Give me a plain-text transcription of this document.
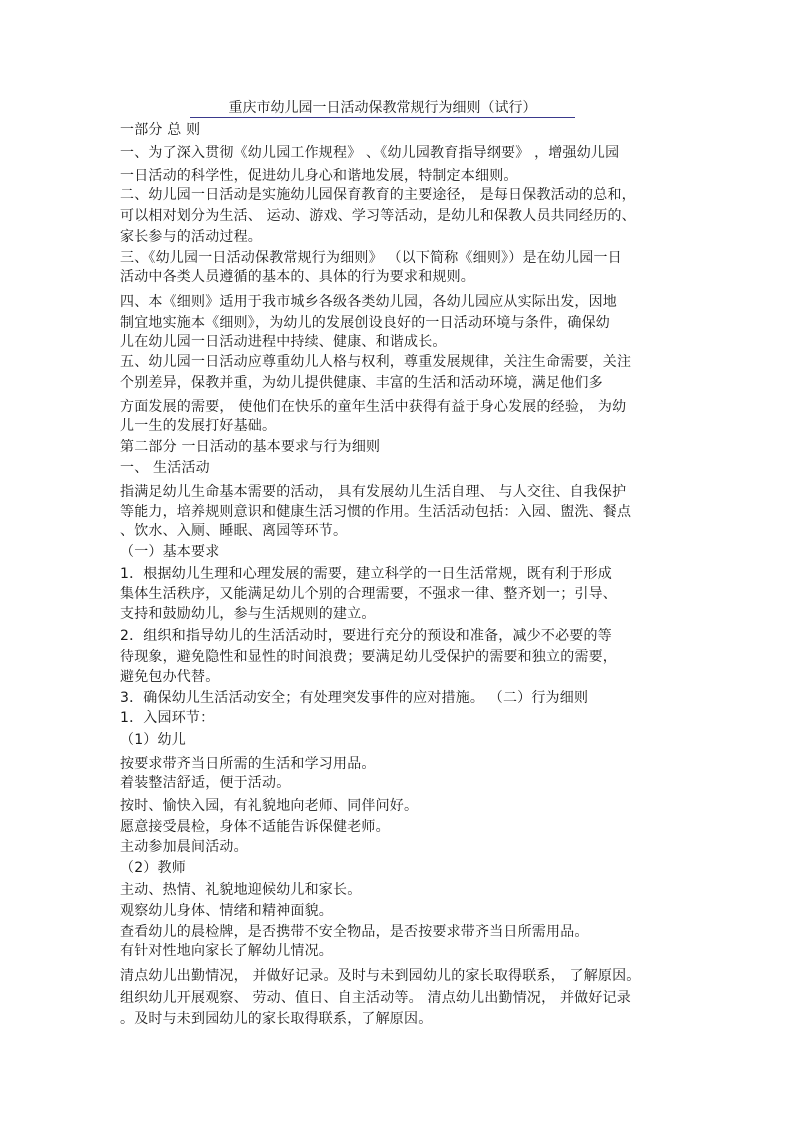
重庆市幼儿园一日活动保教常规行为细则（试行）
一部分 总 则
一、为了深入贯彻《幼儿园工作规程》 、《幼儿园教育指导纲要》 ，增强幼儿园
一日活动的科学性，促进幼儿身心和谐地发展，特制定本细则。
二、幼儿园一日活动是实施幼儿园保育教育的主要途径， 是每日保教活动的总和，
可以相对划分为生活、 运动、游戏、学习等活动，是幼儿和保教人员共同经历的、
家长参与的活动过程。
三、《幼儿园一日活动保教常规行为细则》 （以下简称《细则》）是在幼儿园一日
活动中各类人员遵循的基本的、具体的行为要求和规则。
四、本《细则》适用于我市城乡各级各类幼儿园，各幼儿园应从实际出发，因地
制宜地实施本《细则》，为幼儿的发展创设良好的一日活动环境与条件，确保幼
儿在幼儿园一日活动进程中持续、健康、和谐成长。
五、幼儿园一日活动应尊重幼儿人格与权利，尊重发展规律，关注生命需要，关注
个别差异，保教并重，为幼儿提供健康、丰富的生活和活动环境，满足他们多
方面发展的需要， 使他们在快乐的童年生活中获得有益于身心发展的经验， 为幼
儿一生的发展打好基础。
第二部分 一日活动的基本要求与行为细则
一、 生活活动
指满足幼儿生命基本需要的活动， 具有发展幼儿生活自理、 与人交往、自我保护
等能力，培养规则意识和健康生活习惯的作用。生活活动包括：入园、盥洗、餐点
、饮水、入厕、睡眠、离园等环节。
（一）基本要求
1．根据幼儿生理和心理发展的需要，建立科学的一日生活常规，既有利于形成
集体生活秩序，又能满足幼儿个别的合理需要，不强求一律、整齐划一；引导、
支持和鼓励幼儿，参与生活规则的建立。
2．组织和指导幼儿的生活活动时，要进行充分的预设和准备，减少不必要的等
待现象，避免隐性和显性的时间浪费；要满足幼儿受保护的需要和独立的需要，
避免包办代替。
3．确保幼儿生活活动安全；有处理突发事件的应对措施。 （二）行为细则
1．入园环节：
（1）幼儿
按要求带齐当日所需的生活和学习用品。
着装整洁舒适，便于活动。
按时、愉快入园，有礼貌地向老师、同伴问好。
愿意接受晨检，身体不适能告诉保健老师。
主动参加晨间活动。
（2）教师
主动、热情、礼貌地迎候幼儿和家长。
观察幼儿身体、情绪和精神面貌。
查看幼儿的晨检牌，是否携带不安全物品，是否按要求带齐当日所需用品。
有针对性地向家长了解幼儿情况。
清点幼儿出勤情况， 并做好记录。及时与未到园幼儿的家长取得联系， 了解原因。
组织幼儿开展观察、 劳动、值日、自主活动等。 清点幼儿出勤情况， 并做好记录
。及时与未到园幼儿的家长取得联系，了解原因。
